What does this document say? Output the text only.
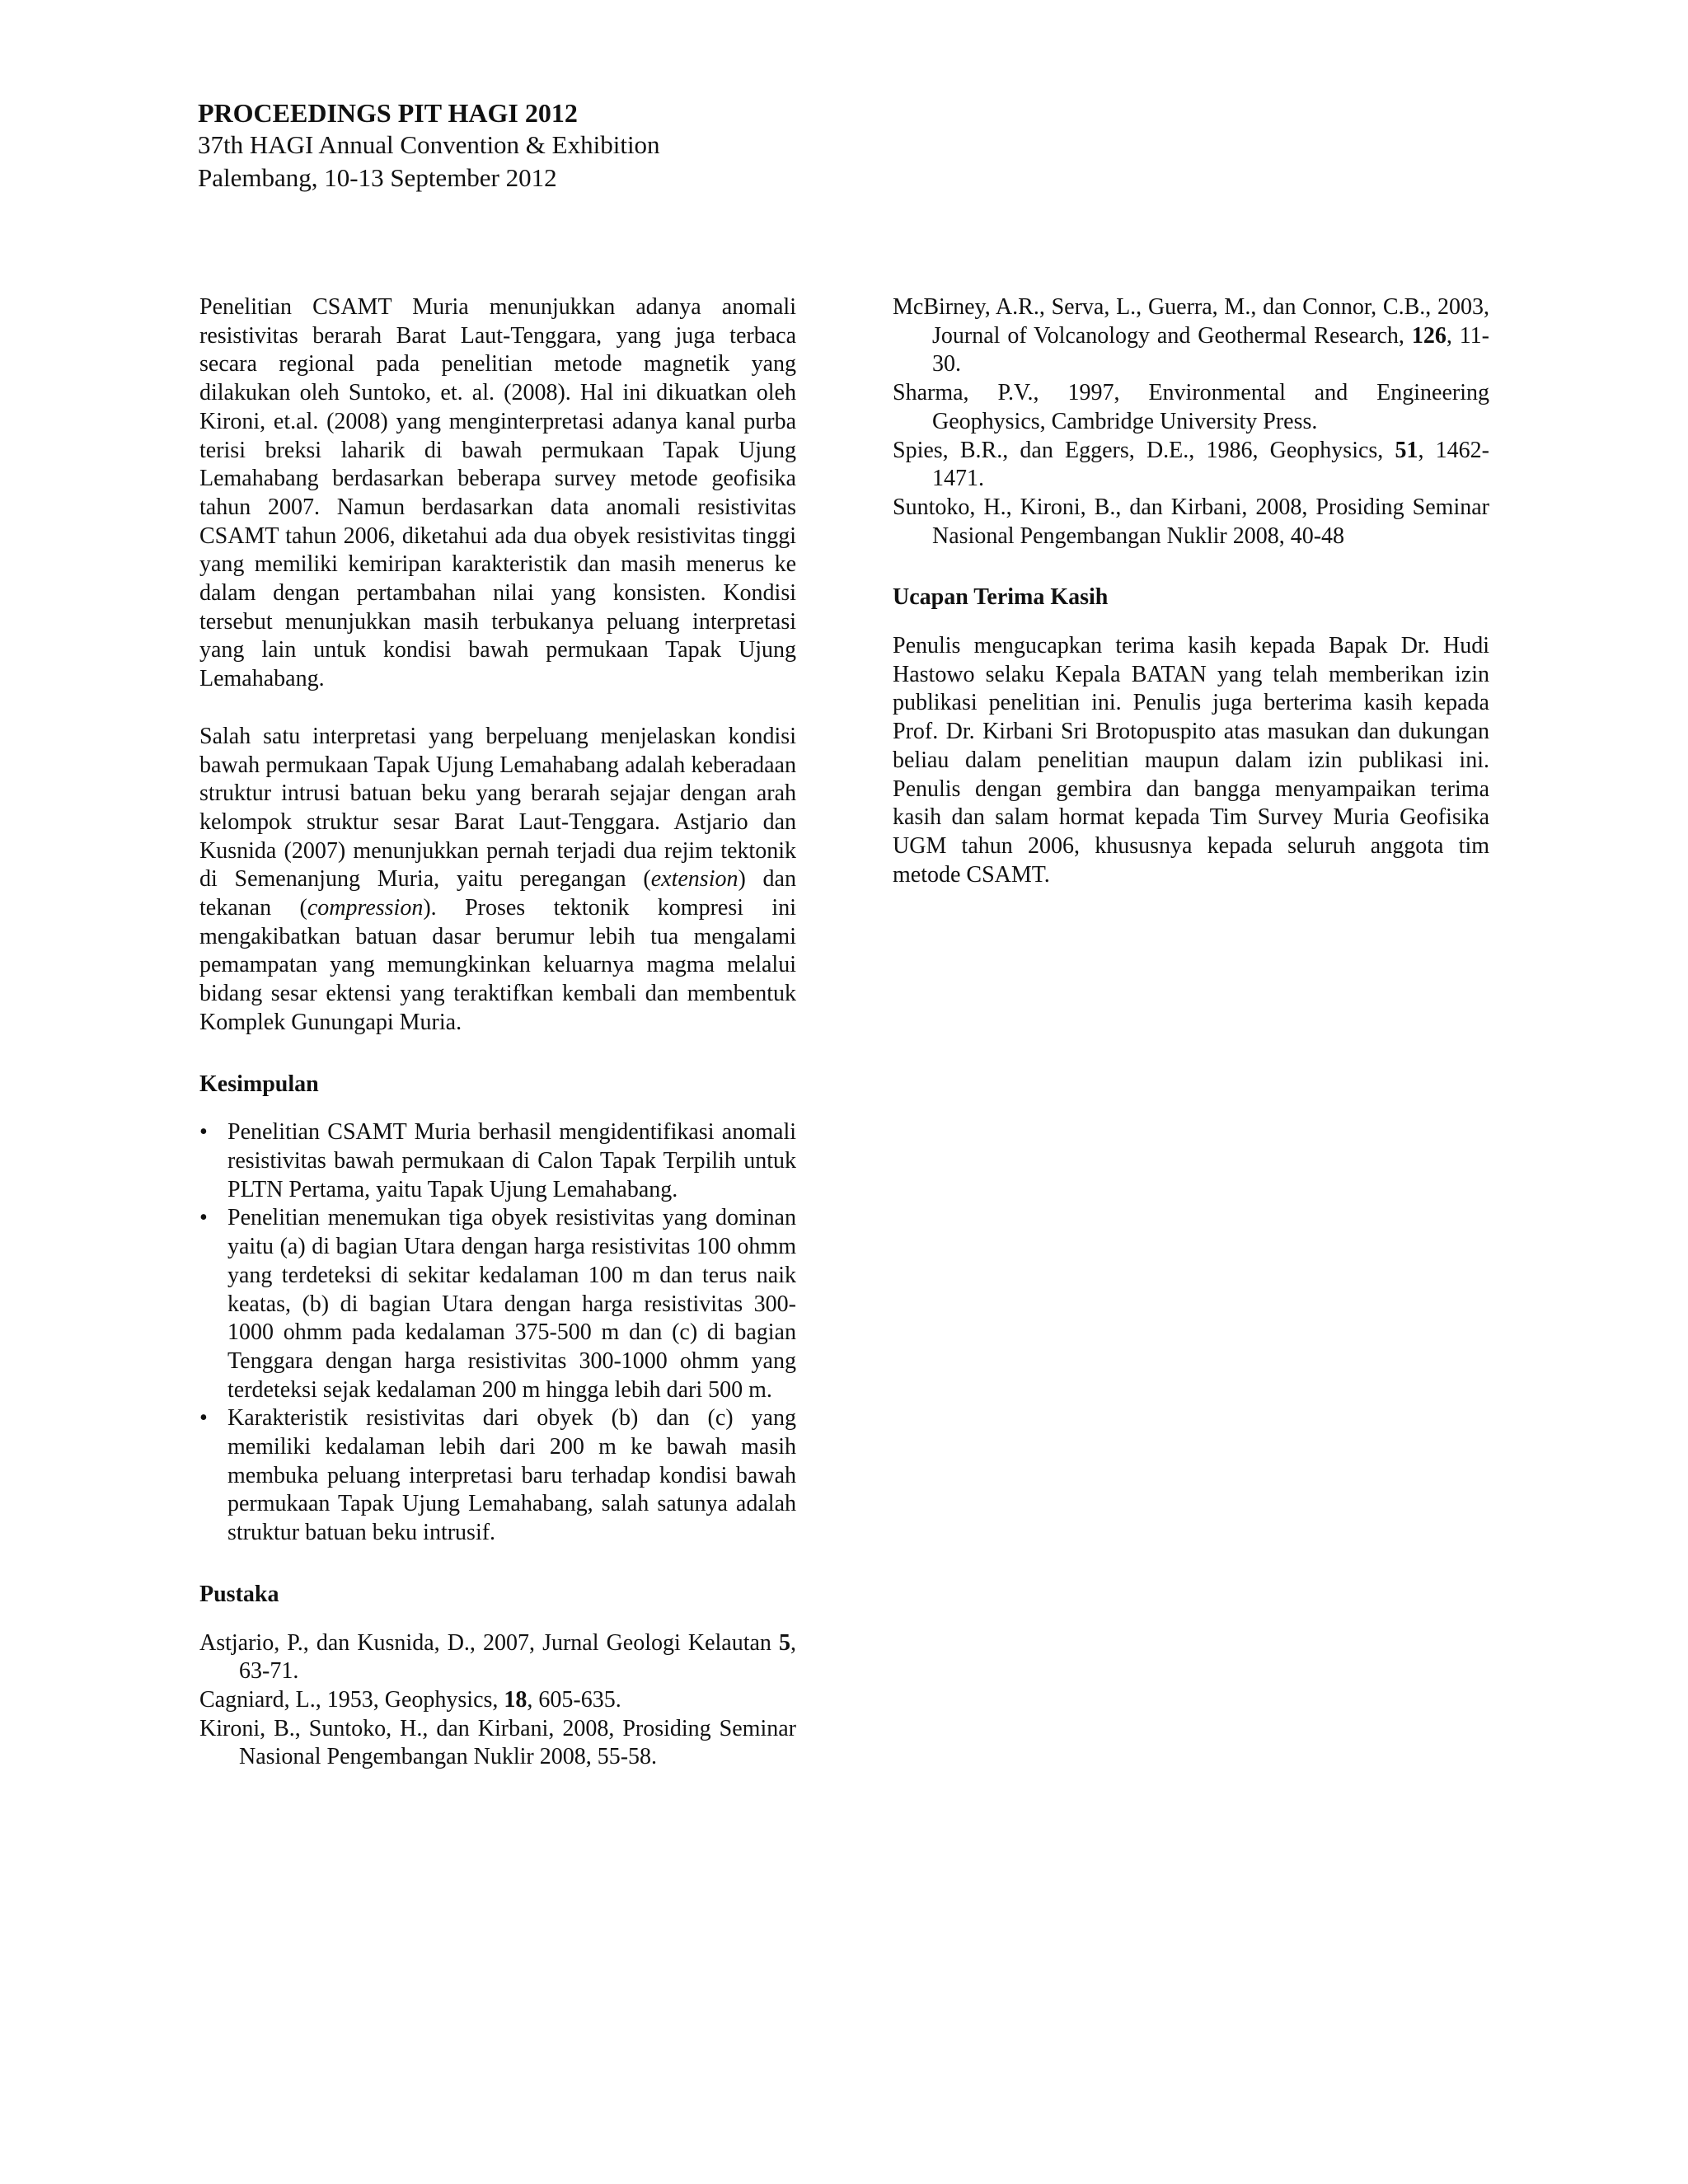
PROCEEDINGS PIT HAGI 2012
37th HAGI Annual Convention & Exhibition
Palembang, 10-13 September 2012

Penelitian CSAMT Muria menunjukkan adanya anomali resistivitas berarah Barat Laut-Tenggara, yang juga terbaca secara regional pada penelitian metode magnetik yang dilakukan oleh Suntoko, et. al. (2008). Hal ini dikuatkan oleh Kironi, et.al. (2008) yang menginterpretasi adanya kanal purba terisi breksi laharik di bawah permukaan Tapak Ujung Lemahabang berdasarkan beberapa survey metode geofisika tahun 2007. Namun berdasarkan data anomali resistivitas CSAMT tahun 2006, diketahui ada dua obyek resistivitas tinggi yang memiliki kemiripan karakteristik dan masih menerus ke dalam dengan pertambahan nilai yang konsisten. Kondisi tersebut menunjukkan masih terbukanya peluang interpretasi yang lain untuk kondisi bawah permukaan Tapak Ujung Lemahabang.

Salah satu interpretasi yang berpeluang menjelaskan kondisi bawah permukaan Tapak Ujung Lemahabang adalah keberadaan struktur intrusi batuan beku yang berarah sejajar dengan arah kelompok struktur sesar Barat Laut-Tenggara. Astjario dan Kusnida (2007) menunjukkan pernah terjadi dua rejim tektonik di Semenanjung Muria, yaitu peregangan (extension) dan tekanan (compression). Proses tektonik kompresi ini mengakibatkan batuan dasar berumur lebih tua mengalami pemampatan yang memungkinkan keluarnya magma melalui bidang sesar ektensi yang teraktifkan kembali dan membentuk Komplek Gunungapi Muria.

Kesimpulan

• Penelitian CSAMT Muria berhasil mengidentifikasi anomali resistivitas bawah permukaan di Calon Tapak Terpilih untuk PLTN Pertama, yaitu Tapak Ujung Lemahabang.
• Penelitian menemukan tiga obyek resistivitas yang dominan yaitu (a) di bagian Utara dengan harga resistivitas 100 ohmm yang terdeteksi di sekitar kedalaman 100 m dan terus naik keatas, (b) di bagian Utara dengan harga resistivitas 300-1000 ohmm pada kedalaman 375-500 m dan (c) di bagian Tenggara dengan harga resistivitas 300-1000 ohmm yang terdeteksi sejak kedalaman 200 m hingga lebih dari 500 m.
• Karakteristik resistivitas dari obyek (b) dan (c) yang memiliki kedalaman lebih dari 200 m ke bawah masih membuka peluang interpretasi baru terhadap kondisi bawah permukaan Tapak Ujung Lemahabang, salah satunya adalah struktur batuan beku intrusif.

Pustaka

Astjario, P., dan Kusnida, D., 2007, Jurnal Geologi Kelautan 5, 63-71.

Cagniard, L., 1953, Geophysics, 18, 605-635.

Kironi, B., Suntoko, H., dan Kirbani, 2008, Prosiding Seminar Nasional Pengembangan Nuklir 2008, 55-58.

McBirney, A.R., Serva, L., Guerra, M., dan Connor, C.B., 2003, Journal of Volcanology and Geothermal Research, 126, 11-30.

Sharma, P.V., 1997, Environmental and Engineering Geophysics, Cambridge University Press.

Spies, B.R., dan Eggers, D.E., 1986, Geophysics, 51, 1462-1471.

Suntoko, H., Kironi, B., dan Kirbani, 2008, Prosiding Seminar Nasional Pengembangan Nuklir 2008, 40-48

Ucapan Terima Kasih

Penulis mengucapkan terima kasih kepada Bapak Dr. Hudi Hastowo selaku Kepala BATAN yang telah memberikan izin publikasi penelitian ini. Penulis juga berterima kasih kepada Prof. Dr. Kirbani Sri Brotopuspito atas masukan dan dukungan beliau dalam penelitian maupun dalam izin publikasi ini. Penulis dengan gembira dan bangga menyampaikan terima kasih dan salam hormat kepada Tim Survey Muria Geofisika UGM tahun 2006, khususnya kepada seluruh anggota tim metode CSAMT.
